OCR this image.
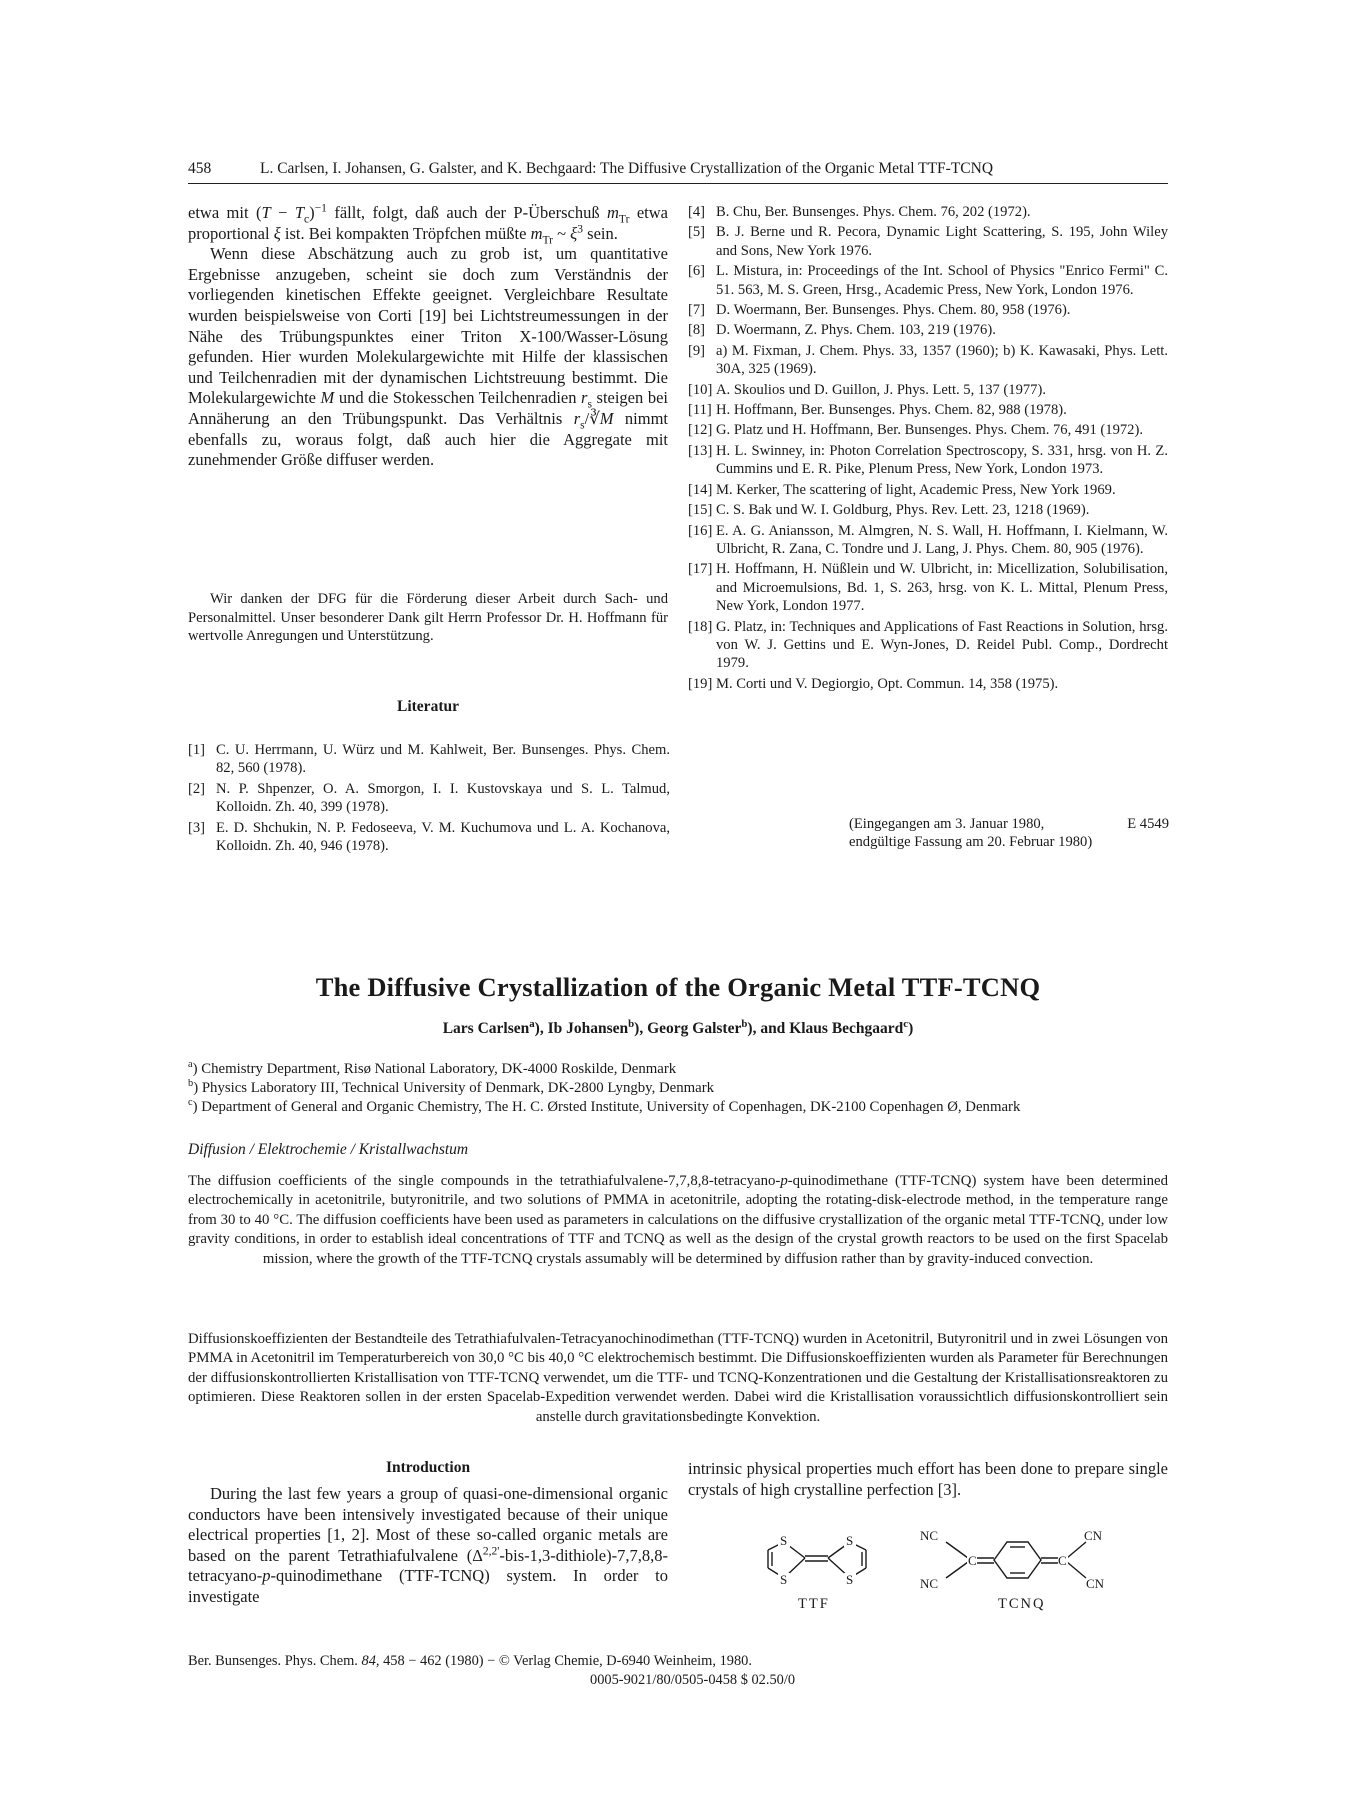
458	L. Carlsen, I. Johansen, G. Galster, and K. Bechgaard: The Diffusive Crystallization of the Organic Metal TTF-TCNQ

etwa mit $(T - T_c)^{-1}$ fällt, folgt, daß auch der P-Überschuß $m_{Tr}$ etwa proportional ξ ist. Bei kompakten Tröpfchen müßte $m_{Tr}$ ~ $\xi^3$ sein.

Wenn diese Abschätzung auch zu grob ist, um quantitative Ergebnisse anzugeben, scheint sie doch zum Verständnis der vorliegenden kinetischen Effekte geeignet. Vergleichbare Resultate wurden beispielsweise von Corti [19] bei Lichtstreumessungen in der Nähe des Trübungspunktes einer Triton X-100/Wasser-Lösung gefunden. Hier wurden Molekulargewichte mit Hilfe der klassischen und Teilchenradien mit der dynamischen Lichtstreuung bestimmt. Die Molekulargewichte M und die Stokesschen Teilchenradien $r_s$ steigen bei Annäherung an den Trübungspunkt. Das Verhältnis $r_s/∛M$ nimmt ebenfalls zu, woraus folgt, daß auch hier die Aggregate mit zunehmender Größe diffuser werden.

Wir danken der DFG für die Förderung dieser Arbeit durch Sach- und Personalmittel. Unser besonderer Dank gilt Herrn Professor Dr. H. Hoffmann für wertvolle Anregungen und Unterstützung.
Literatur
[1] C. U. Herrmann, U. Würz und M. Kahlweit, Ber. Bunsenges. Phys. Chem. 82, 560 (1978).
[2] N. P. Shpenzer, O. A. Smorgon, I. I. Kustovskaya und S. L. Talmud, Kolloidn. Zh. 40, 399 (1978).
[3] E. D. Shchukin, N. P. Fedoseeva, V. M. Kuchumova und L. A. Kochanova, Kolloidn. Zh. 40, 946 (1978).
[4] B. Chu, Ber. Bunsenges. Phys. Chem. 76, 202 (1972).
[5] B. J. Berne und R. Pecora, Dynamic Light Scattering, S. 195, John Wiley and Sons, New York 1976.
[6] L. Mistura, in: Proceedings of the Int. School of Physics "Enrico Fermi" C. 51. 563, M. S. Green, Hrsg., Academic Press, New York, London 1976.
[7] D. Woermann, Ber. Bunsenges. Phys. Chem. 80, 958 (1976).
[8] D. Woermann, Z. Phys. Chem. 103, 219 (1976).
[9] a) M. Fixman, J. Chem. Phys. 33, 1357 (1960); b) K. Kawasaki, Phys. Lett. 30A, 325 (1969).
[10] A. Skoulios und D. Guillon, J. Phys. Lett. 5, 137 (1977).
[11] H. Hoffmann, Ber. Bunsenges. Phys. Chem. 82, 988 (1978).
[12] G. Platz und H. Hoffmann, Ber. Bunsenges. Phys. Chem. 76, 491 (1972).
[13] H. L. Swinney, in: Photon Correlation Spectroscopy, S. 331, hrsg. von H. Z. Cummins und E. R. Pike, Plenum Press, New York, London 1973.
[14] M. Kerker, The scattering of light, Academic Press, New York 1969.
[15] C. S. Bak und W. I. Goldburg, Phys. Rev. Lett. 23, 1218 (1969).
[16] E. A. G. Aniansson, M. Almgren, N. S. Wall, H. Hoffmann, I. Kielmann, W. Ulbricht, R. Zana, C. Tondre und J. Lang, J. Phys. Chem. 80, 905 (1976).
[17] H. Hoffmann, H. Nüßlein und W. Ulbricht, in: Micellization, Solubilisation, and Microemulsions, Bd. 1, S. 263, hrsg. von K. L. Mittal, Plenum Press, New York, London 1977.
[18] G. Platz, in: Techniques and Applications of Fast Reactions in Solution, hrsg. von W. J. Gettins und E. Wyn-Jones, D. Reidel Publ. Comp., Dordrecht 1979.
[19] M. Corti und V. Degiorgio, Opt. Commun. 14, 358 (1975).
(Eingegangen am 3. Januar 1980,	E 4549
endgültige Fassung am 20. Februar 1980)
The Diffusive Crystallization of the Organic Metal TTF-TCNQ
Lars Carlsen$^a$), Ib Johansen$^b$), Georg Galster$^b$), and Klaus Bechgaard$^c$)
$^a$) Chemistry Department, Risø National Laboratory, DK-4000 Roskilde, Denmark
$^b$) Physics Laboratory III, Technical University of Denmark, DK-2800 Lyngby, Denmark
$^c$) Department of General and Organic Chemistry, The H. C. Ørsted Institute, University of Copenhagen, DK-2100 Copenhagen Ø, Denmark
Diffusion / Elektrochemie / Kristallwachstum

The diffusion coefficients of the single compounds in the tetrathiafulvalene-7,7,8,8-tetracyano-p-quinodimethane (TTF-TCNQ) system have been determined electrochemically in acetonitrile, butyronitrile, and two solutions of PMMA in acetonitrile, adopting the rotating-disk-electrode method, in the temperature range from 30 to 40 °C. The diffusion coefficients have been used as parameters in calculations on the diffusive crystallization of the organic metal TTF-TCNQ, under low gravity conditions, in order to establish ideal concentrations of TTF and TCNQ as well as the design of the crystal growth reactors to be used on the first Spacelab mission, where the growth of the TTF-TCNQ crystals assumably will be determined by diffusion rather than by gravity-induced convection.

Diffusionskoeffizienten der Bestandteile des Tetrathiafulvalen-Tetracyanochinodimethan (TTF-TCNQ) wurden in Acetonitril, Butyronitril und in zwei Lösungen von PMMA in Acetonitril im Temperaturbereich von 30,0 °C bis 40,0 °C elektrochemisch bestimmt. Die Diffusionskoeffizienten wurden als Parameter für Berechnungen der diffusionskontrollierten Kristallisation von TTF-TCNQ verwendet, um die TTF- und TCNQ-Konzentrationen und die Gestaltung der Kristallisationsreaktoren zu optimieren. Diese Reaktoren sollen in der ersten Spacelab-Expedition verwendet werden. Dabei wird die Kristallisation voraussichtlich diffusionskontrolliert sein anstelle durch gravitationsbedingte Konvektion.

Introduction

During the last few years a group of quasi-one-dimensional organic conductors have been intensively investigated because of their unique electrical properties [1, 2]. Most of these so-called organic metals are based on the parent Tetrathiafulvalene $(\Delta^{2,2'}-bis-1,3-dithiole)-7,7,8,8-tetracyano-p$-quinodimethane (TTF-TCNQ) system. In order to investigate

intrinsic physical properties much effort has been done to prepare single crystals of high crystalline perfection [3].
S
S
S
S
TTF
NC
NC
C	C
CN
CN
TCNQ
Ber. Bunsenges. Phys. Chem. 84, 458 − 462 (1980) − © Verlag Chemie, D-6940 Weinheim, 1980.
0005-9021/80/0505-0458 $ 02.50/0
